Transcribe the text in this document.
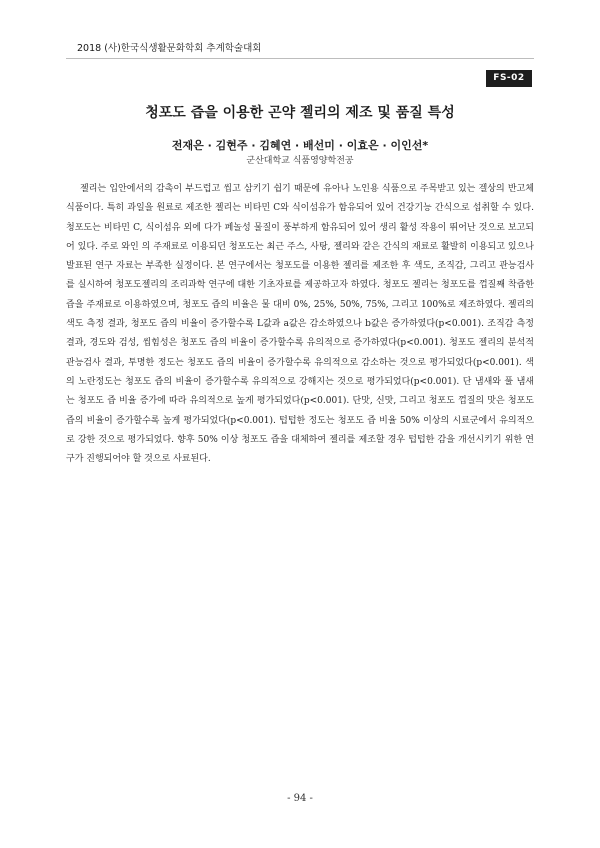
2018 (사)한국식생활문화학회 추계학술대회
FS-02
청포도 즙을 이용한 곤약 젤리의 제조 및 품질 특성
전재은 · 김현주 · 김혜연 · 배선미 · 이효은 · 이인선*
군산대학교 식품영양학전공

젤리는 입안에서의 감촉이 부드럽고 씹고 삼키기 쉽기 때문에 유아나 노인용 식품으로 주목받고 있는 겔상의 반고체식품이다. 특히 과일을 원료로 제조한 젤리는 비타민 C와 식이섬유가 함유되어 있어 건강기능 간식으로 섭취할 수 있다. 청포도는 비타민 C, 식이섬유 외에 다가 페놀성 물질이 풍부하게 함유되어 있어 생리 활성 작용이 뛰어난 것으로 보고되어 있다. 주로 와인 의 주재료로 이용되던 청포도는 최근 주스, 사탕, 젤리와 같은 간식의 재료로 활발히 이용되고 있으나 발표된 연구 자료는 부족한 실정이다. 본 연구에서는 청포도를 이용한 젤리를 제조한 후 색도, 조직감, 그리고 관능검사를 실시하여 청포도젤리의 조리과학 연구에 대한 기초자료를 제공하고자 하였다. 청포도 젤리는 청포도를 껍질째 착즙한 즙을 주재료로 이용하였으며, 청포도 즙의 비율은 물 대비 0%, 25%, 50%, 75%, 그리고 100%로 제조하였다. 젤리의 색도 측정 결과, 청포도 즙의 비율이 증가할수록 L값과 a값은 감소하였으나 b값은 증가하였다(p<0.001). 조직감 측정 결과, 경도와 검성, 씹힘성은 청포도 즙의 비율이 증가할수록 유의적으로 증가하였다(p<0.001). 청포도 젤리의 분석적 관능검사 결과, 투명한 정도는 청포도 즙의 비율이 증가할수록 유의적으로 감소하는 것으로 평가되었다(p<0.001). 색의 노란정도는 청포도 즙의 비율이 증가할수록 유의적으로 강해지는 것으로 평가되었다(p<0.001). 단 냄새와 풀 냄새는 청포도 즙 비율 증가에 따라 유의적으로 높게 평가되었다(p<0.001). 단맛, 신맛, 그리고 청포도 껍질의 맛은 청포도 즙의 비율이 증가할수록 높게 평가되었다(p<0.001). 텁텁한 정도는 청포도 즙 비율 50% 이상의 시료군에서 유의적으로 강한 것으로 평가되었다. 향후 50% 이상 청포도 즙을 대체하여 젤리를 제조할 경우 텁텁한 감을 개선시키기 위한 연구가 진행되어야 할 것으로 사료된다.

- 94 -
